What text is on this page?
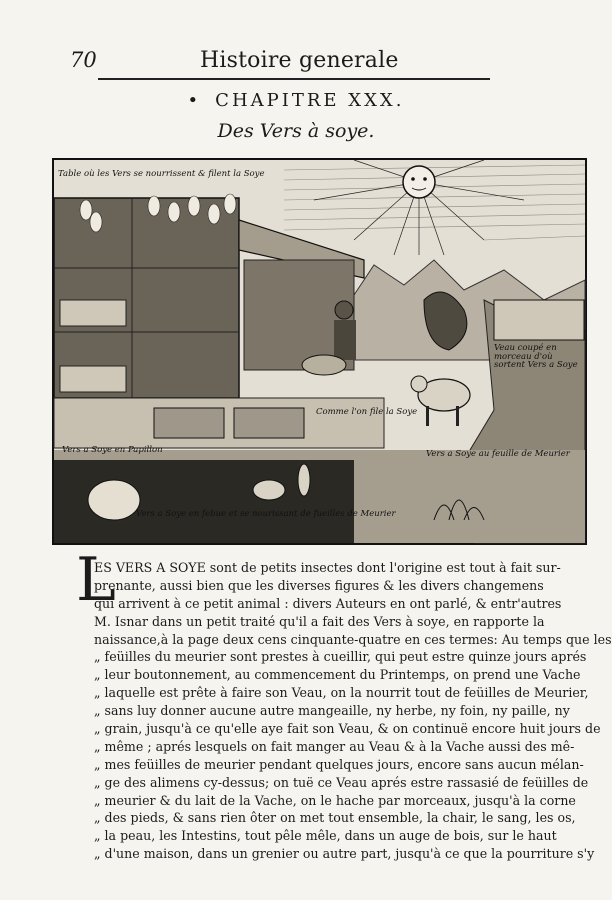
70	Histoire generale
• CHAPITRE XXX.
Des Vers à soye.
Table où les Vers se nourrissent & filent la Soye
Vers a Soye en Papillon
Comme l'on file la Soye
Vers a Soye en febue et se nourissant de fueilles de Meurier
Vers a Soye au feuille de Meurier
Veau coupé en morceau d'où sortent Vers a Soye
L
ES VERS A SOYE sont de petits insectes dont l'origine est tout à fait sur-
prenante, aussi bien que les diverses figures & les divers changemens
qui arrivent à ce petit animal : divers Auteurs en ont parlé, & entr'autres
M. Isnar dans un petit traité qu'il a fait des Vers à soye, en rapporte la
naissance,à la page deux cens cinquante-quatre en ces termes: Au temps que les
„ feüilles du meurier sont prestes à cueillir, qui peut estre quinze jours aprés
„ leur boutonnement, au commencement du Printemps, on prend une Vache
„ laquelle est prête à faire son Veau, on la nourrit tout de feüilles de Meurier,
„ sans luy donner aucune autre mangeaille, ny herbe, ny foin, ny paille, ny
„ grain, jusqu'à ce qu'elle aye fait son Veau, & on continuë encore huit jours de
„ même ; aprés lesquels on fait manger au Veau & à la Vache aussi des mê-
„ mes feüilles de meurier pendant quelques jours, encore sans aucun mélan-
„ ge des alimens cy-dessus; on tuë ce Veau aprés estre rassasié de feüilles de
„ meurier & du lait de la Vache, on le hache par morceaux, jusqu'à la corne
„ des pieds, & sans rien ôter on met tout ensemble, la chair, le sang, les os,
„ la peau, les Intestins, tout pêle mêle, dans un auge de bois, sur le haut
„ d'une maison, dans un grenier ou autre part, jusqu'à ce que la pourriture s'y
